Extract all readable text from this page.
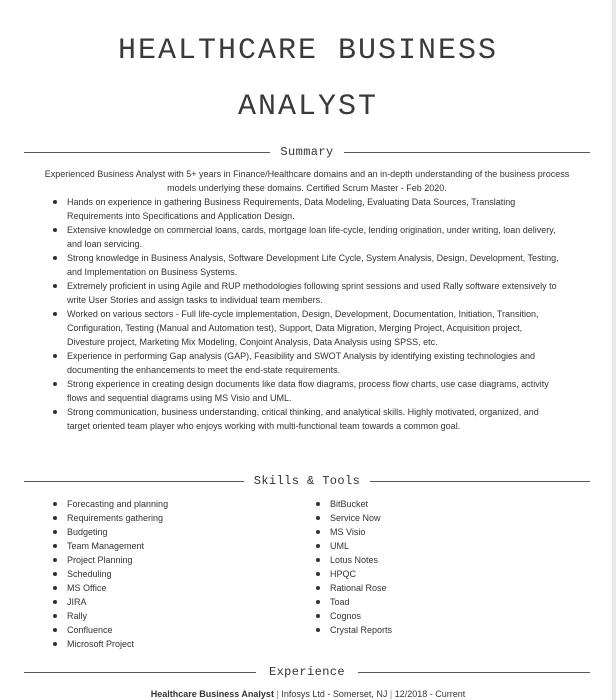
HEALTHCARE BUSINESS
ANALYST
Summary

Experienced Business Analyst with 5+ years in Finance/Healthcare domains and an in-depth understanding of the business process models underlying these domains. Certified Scrum Master - Feb 2020.

Hands on experience in gathering Business Requirements, Data Modeling, Evaluating Data Sources, Translating Requirements into Specifications and Application Design.
Extensive knowledge on commercial loans, cards, mortgage loan life-cycle, lending origination, under writing, loan delivery, and loan servicing.
Strong knowledge in Business Analysis, Software Development Life Cycle, System Analysis, Design, Development, Testing, and Implementation on Business Systems.
Extremely proficient in using Agile and RUP methodologies following sprint sessions and used Rally software extensively to write User Stories and assign tasks to individual team members.
Worked on various sectors - Full life-cycle implementation, Design, Development, Documentation, Initiation, Transition, Configuration, Testing (Manual and Automation test), Support, Data Migration, Merging Project, Acquisition project, Divesture project, Marketing Mix Modeling, Conjoint Analysis, Data Analysis using SPSS, etc.
Experience in performing Gap analysis (GAP), Feasibility and SWOT Analysis by identifying existing technologies and documenting the enhancements to meet the end-state requirements.
Strong experience in creating design documents like data flow diagrams, process flow charts, use case diagrams, activity flows and sequential diagrams using MS Visio and UML.
Strong communication, business understanding, critical thinking, and analytical skills. Highly motivated, organized, and target oriented team player who enjoys working with multi-functional team towards a common goal.
Skills & Tools
Forecasting and planning
Requirements gathering
Budgeting
Team Management
Project Planning
Scheduling
MS Office
JIRA
Rally
Confluence
Microsoft Project
BitBucket
Service Now
MS Visio
UML
Lotus Notes
HPQC
Rational Rose
Toad
Cognos
Crystal Reports
Experience

Healthcare Business Analyst | Infosys Ltd - Somerset, NJ | 12/2018 - Current
